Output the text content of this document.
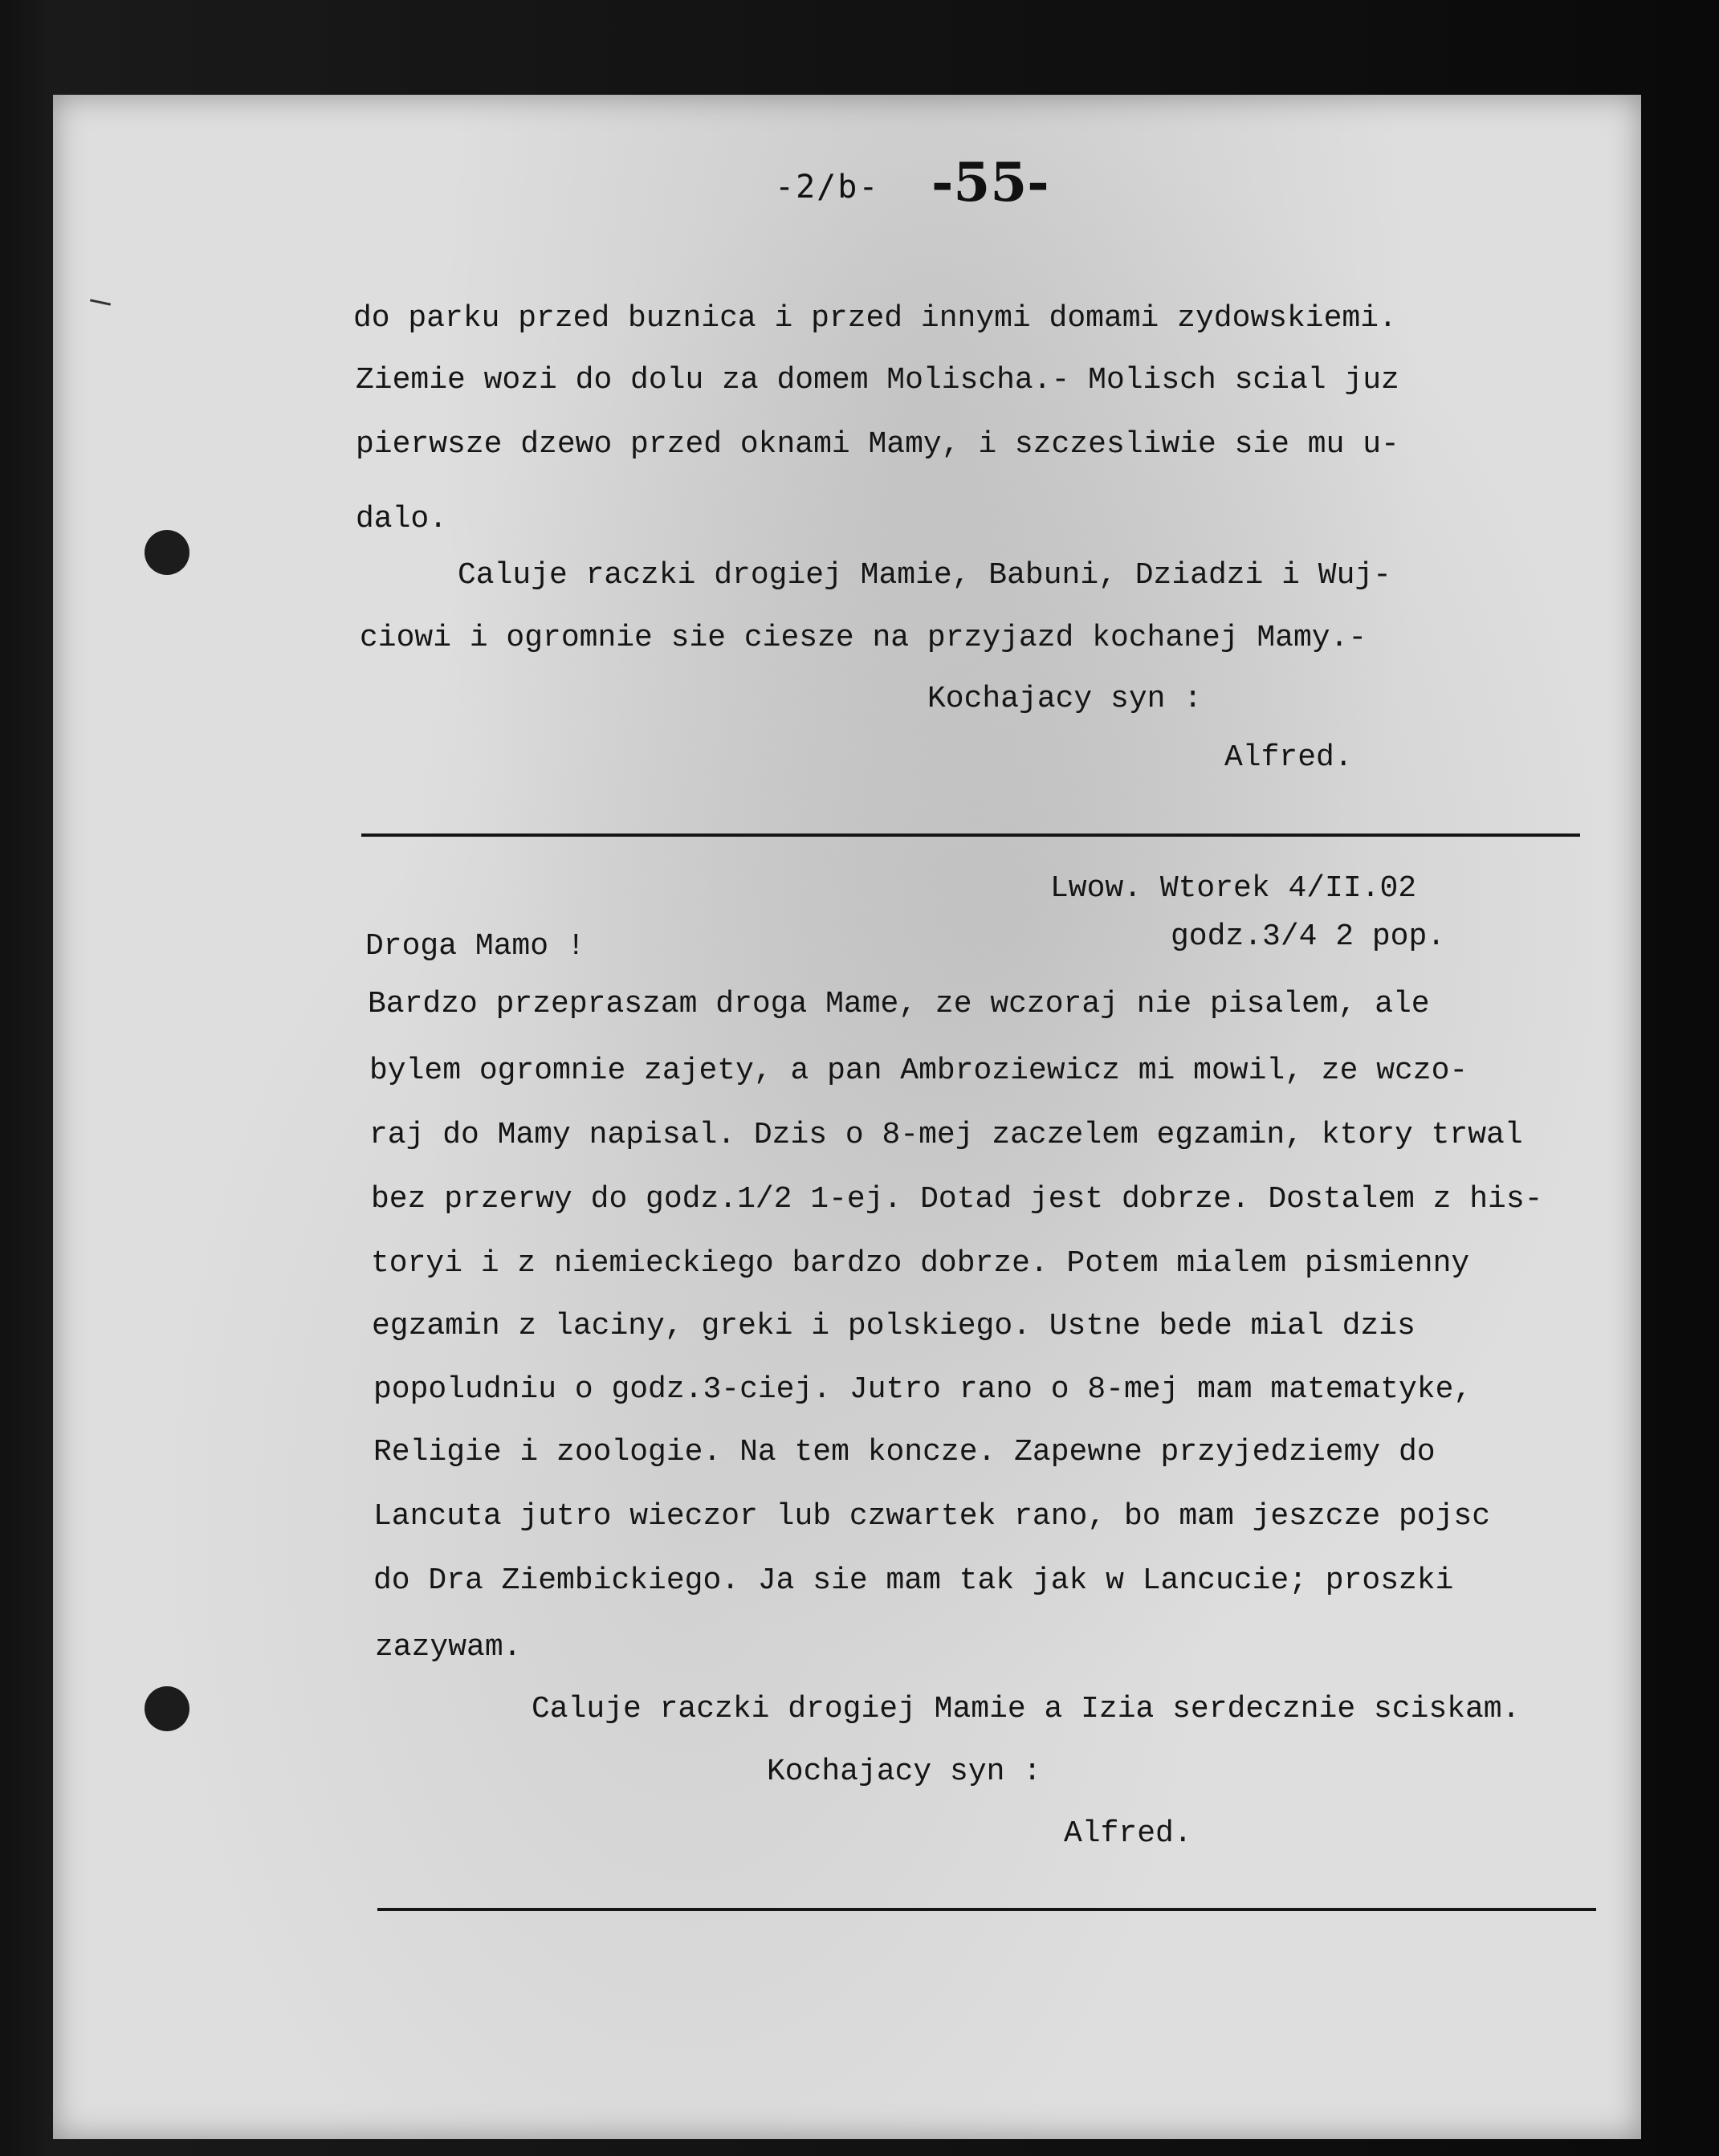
-2/b- -55-
do parku przed buznica i przed innymi domami zydowskiemi.
Ziemie wozi do dolu za domem Molischa.- Molisch scial juz
pierwsze dzewo przed oknami Mamy, i szczesliwie sie mu u-
dalo.
Caluje raczki drogiej Mamie, Babuni, Dziadzi i Wuj-
ciowi i ogromnie sie ciesze na przyjazd kochanej Mamy.-
Kochajacy syn :
Alfred.
Lwow. Wtorek 4/II.02
Droga Mamo !	godz.3/4 2 pop.
Bardzo przepraszam droga Mame, ze wczoraj nie pisalem, ale
bylem ogromnie zajety, a pan Ambroziewicz mi mowil, ze wczo-
raj do Mamy napisal. Dzis o 8-mej zaczelem egzamin, ktory trwal
bez przerwy do godz.1/2 1-ej. Dotad jest dobrze. Dostalem z his-
toryi i z niemieckiego bardzo dobrze. Potem mialem pismienny
egzamin z laciny, greki i polskiego. Ustne bede mial dzis
popoludniu o godz.3-ciej. Jutro rano o 8-mej mam matematyke,
Religie i zoologie. Na tem koncze. Zapewne przyjedziemy do
Lancuta jutro wieczor lub czwartek rano, bo mam jeszcze pojsc
do Dra Ziembickiego. Ja sie mam tak jak w Lancucie; proszki
zazywam.
Caluje raczki drogiej Mamie a Izia serdecznie sciskam.
Kochajacy syn :
Alfred.
